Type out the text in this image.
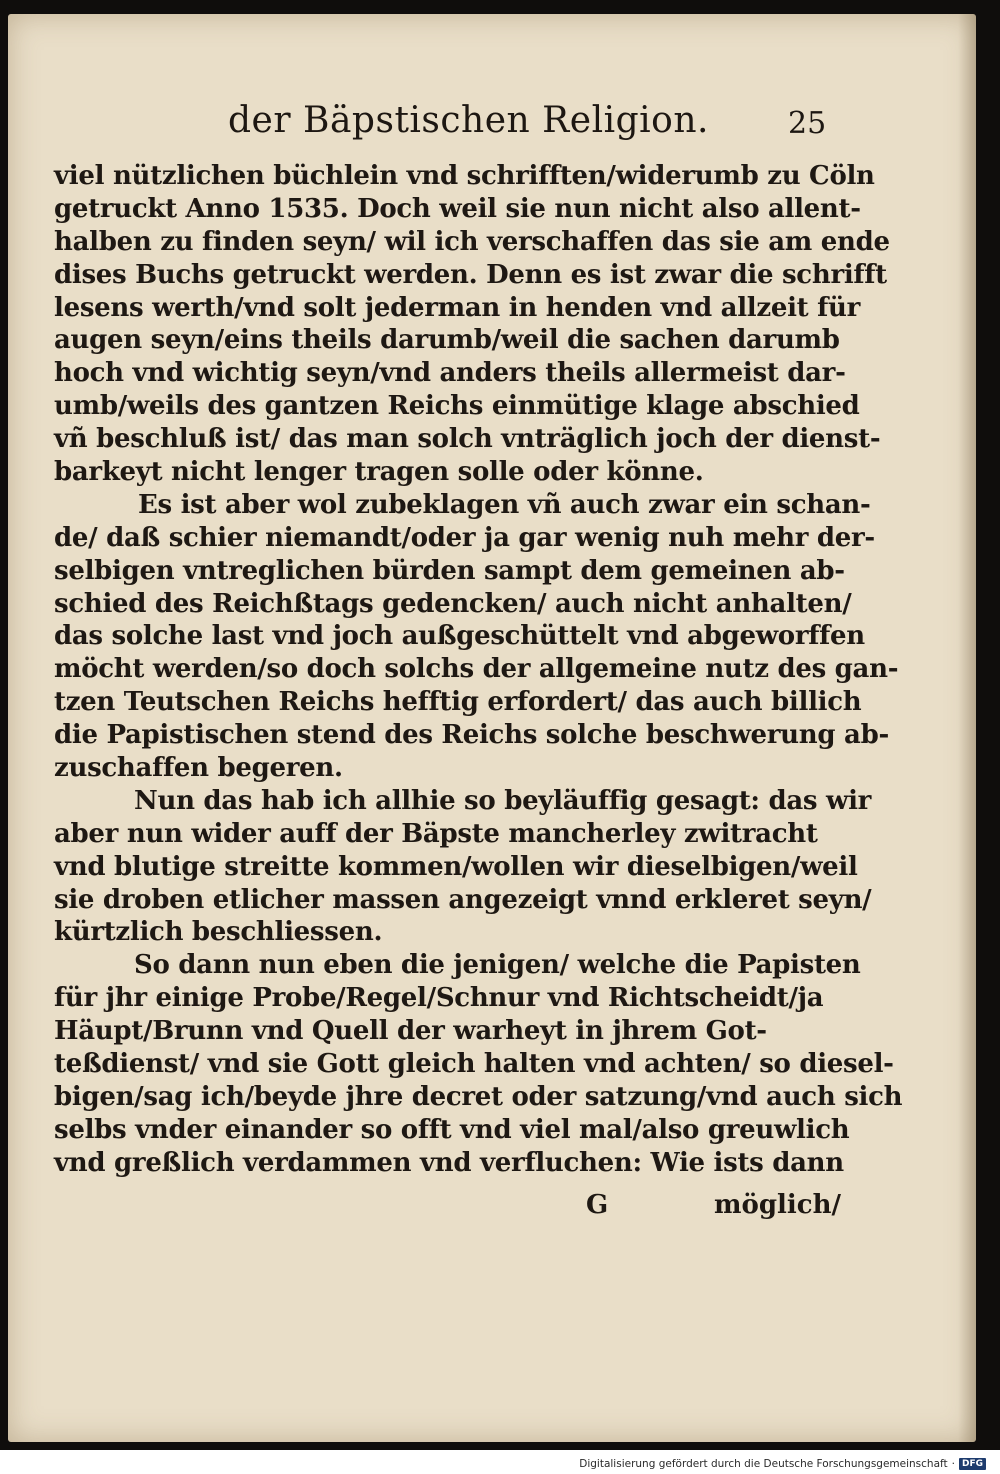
der Bäpstischen Religion.	25
viel nützlichen büchlein vnd schrifften/widerumb zu Cöln
getruckt Anno 1535. Doch weil sie nun nicht also allent-
halben zu finden seyn/ wil ich verschaffen das sie am ende
dises Buchs getruckt werden. Denn es ist zwar die schrifft
lesens werth/vnd solt jederman in henden vnd allzeit für
augen seyn/eins theils darumb/weil die sachen darumb
hoch vnd wichtig seyn/vnd anders theils allermeist dar-
umb/weils des gantzen Reichs einmütige klage abschied
vñ beschluß ist/ das man solch vnträglich joch der dienst-
barkeyt nicht lenger tragen solle oder könne.
Es ist aber wol zubeklagen vñ auch zwar ein schan-
de/ daß schier niemandt/oder ja gar wenig nuh mehr der-
selbigen vntreglichen bürden sampt dem gemeinen ab-
schied des Reichßtags gedencken/ auch nicht anhalten/
das solche last vnd joch außgeschüttelt vnd abgeworffen
möcht werden/so doch solchs der allgemeine nutz des gan-
tzen Teutschen Reichs hefftig erfordert/ das auch billich
die Papistischen stend des Reichs solche beschwerung ab-
zuschaffen begeren.
Nun das hab ich allhie so beyläuffig gesagt: das wir
aber nun wider auff der Bäpste mancherley zwitracht
vnd blutige streitte kommen/wollen wir dieselbigen/weil
sie droben etlicher massen angezeigt vnnd erkleret seyn/
kürtzlich beschliessen.
So dann nun eben die jenigen/ welche die Papisten
für jhr einige Probe/Regel/Schnur vnd Richtscheidt/ja
Häupt/Brunn vnd Quell der warheyt in jhrem Got-
teßdienst/ vnd sie Gott gleich halten vnd achten/ so diesel-
bigen/sag ich/beyde jhre decret oder satzung/vnd auch sich
selbs vnder einander so offt vnd viel mal/also greuwlich
vnd greßlich verdammen vnd verfluchen: Wie ists dann
G	möglich/
Digitalisierung gefördert durch die Deutsche Forschungsgemeinschaft · DFG
